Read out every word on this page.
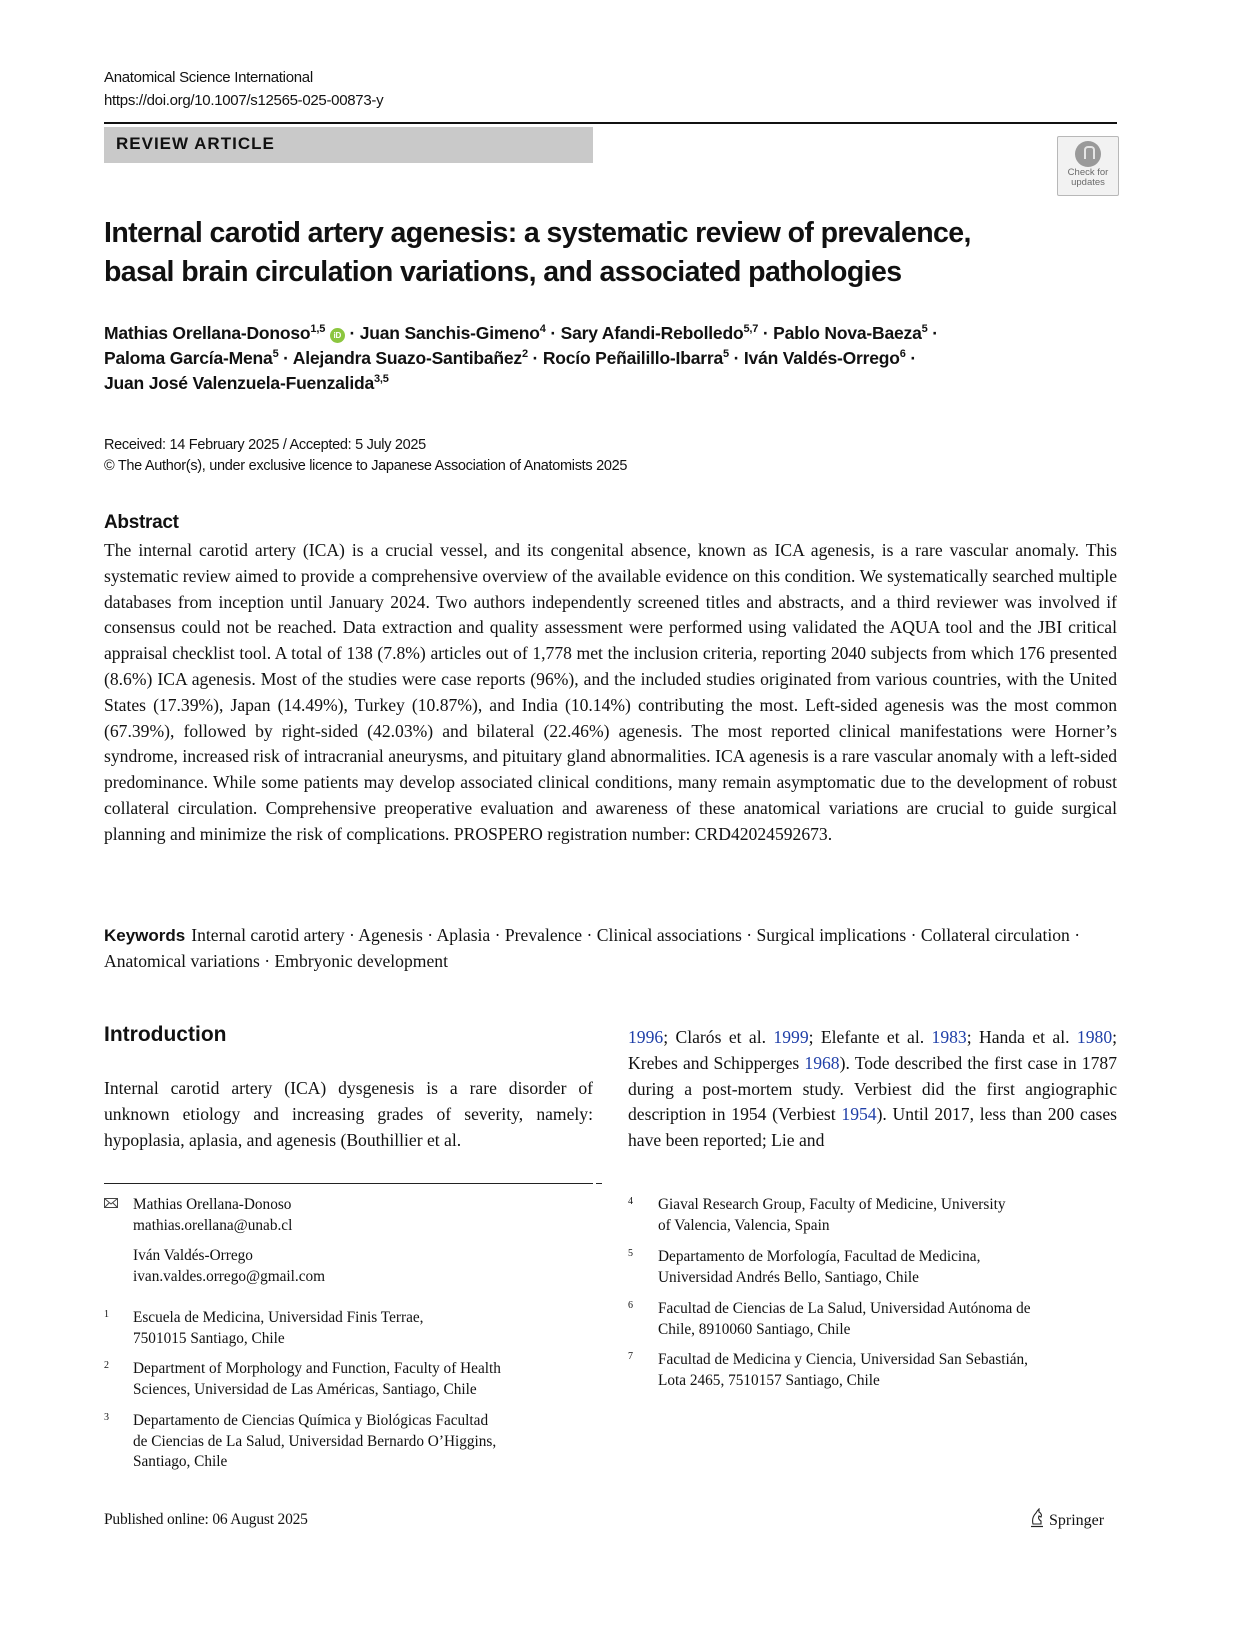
Anatomical Science International
https://doi.org/10.1007/s12565-025-00873-y
REVIEW ARTICLE
Check for
updates
Internal carotid artery agenesis: a systematic review of prevalence,
basal brain circulation variations, and associated pathologies
Mathias Orellana-Donoso$^{1,5}$ iD · Juan Sanchis-Gimeno$^4$ · Sary Afandi-Rebolledo$^{5,7}$ · Pablo Nova-Baeza$^5$ ·
Paloma García-Mena$^5$ · Alejandra Suazo-Santibañez$^2$ · Rocío Peñailillo-Ibarra$^5$ · Iván Valdés-Orrego$^6$ ·
Juan José Valenzuela-Fuenzalida$^{3,5}$
Received: 14 February 2025 / Accepted: 5 July 2025
© The Author(s), under exclusive licence to Japanese Association of Anatomists 2025
Abstract

The internal carotid artery (ICA) is a crucial vessel, and its congenital absence, known as ICA agenesis, is a rare vascular anomaly. This systematic review aimed to provide a comprehensive overview of the available evidence on this condition. We systematically searched multiple databases from inception until January 2024. Two authors independently screened titles and abstracts, and a third reviewer was involved if consensus could not be reached. Data extraction and quality assessment were performed using validated the AQUA tool and the JBI critical appraisal checklist tool. A total of 138 (7.8%) articles out of 1,778 met the inclusion criteria, reporting 2040 subjects from which 176 presented (8.6%) ICA agenesis. Most of the studies were case reports (96%), and the included studies originated from various countries, with the United States (17.39%), Japan (14.49%), Turkey (10.87%), and India (10.14%) contributing the most. Left-sided agenesis was the most common (67.39%), followed by right-sided (42.03%) and bilateral (22.46%) agenesis. The most reported clinical manifestations were Horner’s syndrome, increased risk of intracranial aneurysms, and pituitary gland abnormalities. ICA agenesis is a rare vascular anomaly with a left-sided predominance. While some patients may develop associated clinical conditions, many remain asymptomatic due to the development of robust collateral circulation. Comprehensive preoperative evaluation and awareness of these anatomical variations are crucial to guide surgical planning and minimize the risk of complications. PROSPERO registration number: CRD42024592673.

Keywords Internal carotid artery · Agenesis · Aplasia · Prevalence · Clinical associations · Surgical implications · Collateral circulation · Anatomical variations · Embryonic development
Introduction

Internal carotid artery (ICA) dysgenesis is a rare disorder of unknown etiology and increasing grades of severity, namely: hypoplasia, aplasia, and agenesis (Bouthillier et al.

1996; Clarós et al. 1999; Elefante et al. 1983; Handa et al. 1980; Krebes and Schipperges 1968). Tode described the first case in 1787 during a post-mortem study. Verbiest did the first angiographic description in 1954 (Verbiest 1954). Until 2017, less than 200 cases have been reported; Lie and

Mathias Orellana-Donoso
mathias.orellana@unab.cl
Iván Valdés-Orrego
ivan.valdes.orrego@gmail.com
1 Escuela de Medicina, Universidad Finis Terrae,
7501015 Santiago, Chile
2 Department of Morphology and Function, Faculty of Health
Sciences, Universidad de Las Américas, Santiago, Chile
3 Departamento de Ciencias Química y Biológicas Facultad
de Ciencias de La Salud, Universidad Bernardo O’Higgins,
Santiago, Chile
4 Giaval Research Group, Faculty of Medicine, University
of Valencia, Valencia, Spain
5 Departamento de Morfología, Facultad de Medicina,
Universidad Andrés Bello, Santiago, Chile
6 Facultad de Ciencias de La Salud, Universidad Autónoma de
Chile, 8910060 Santiago, Chile
7 Facultad de Medicina y Ciencia, Universidad San Sebastián,
Lota 2465, 7510157 Santiago, Chile
Published online: 06 August 2025	Springer
